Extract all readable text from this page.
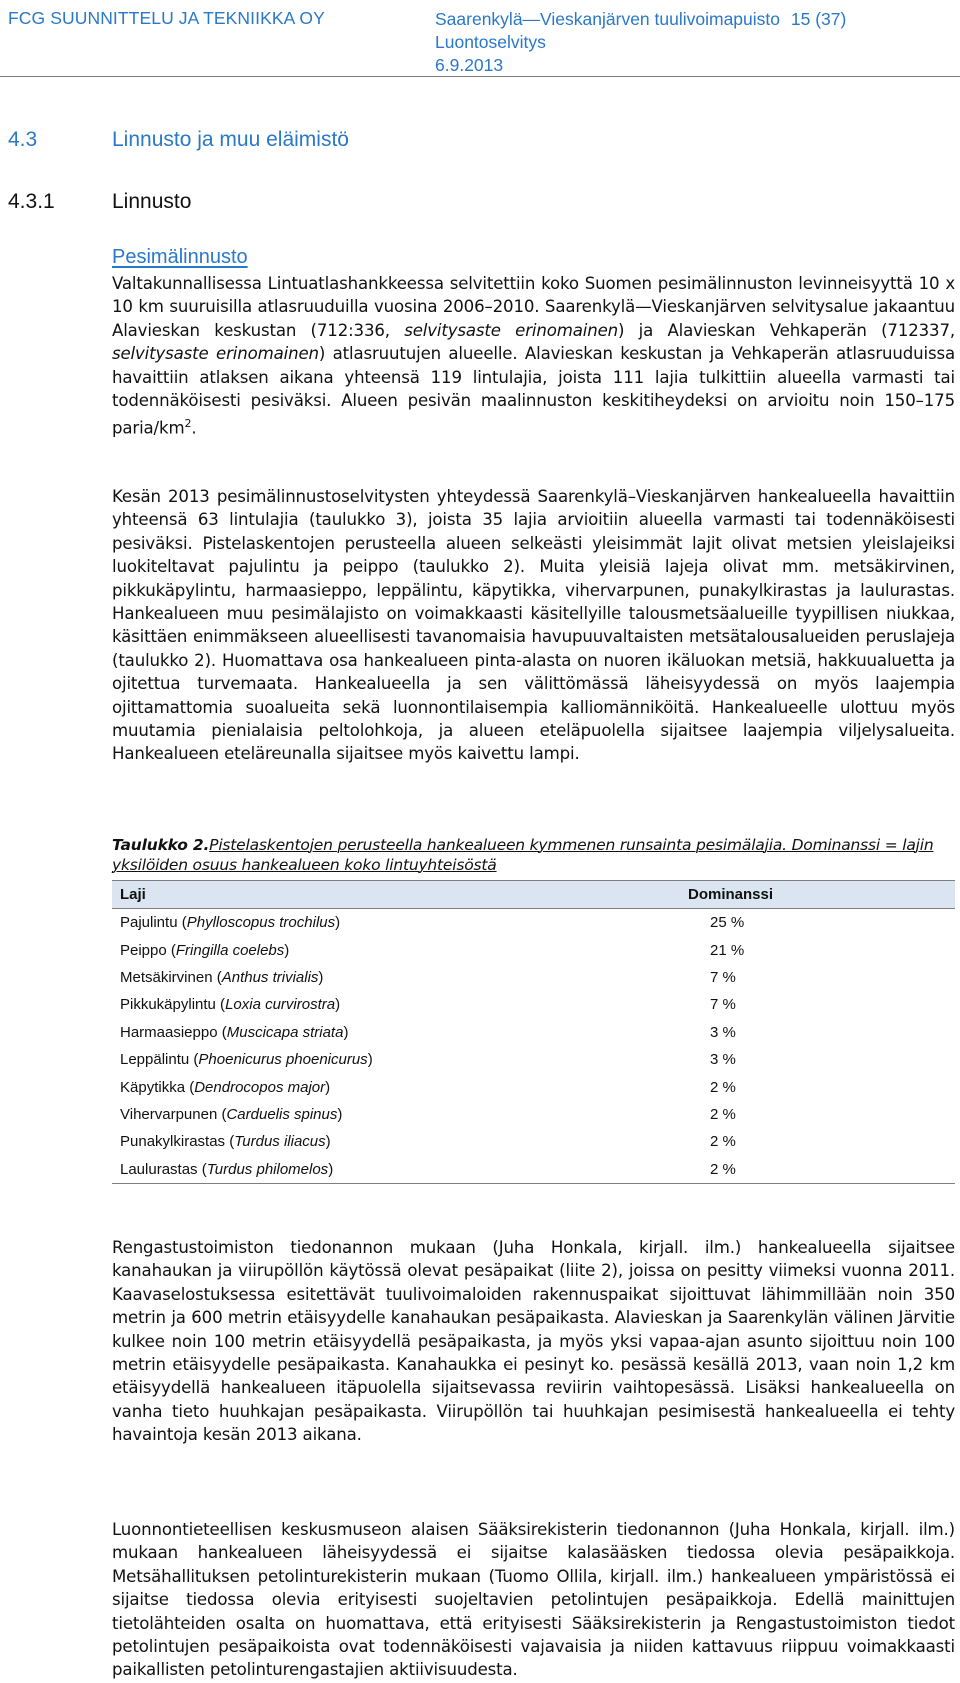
FCG SUUNNITTELU JA TEKNIIKKA OY	Saarenkylä—Vieskanjärven tuulivoimapuisto 15 (37)
Luontoselvitys
6.9.2013
4.3	Linnusto ja muu eläimistö
4.3.1	Linnusto
Pesimälinnusto
Valtakunnallisessa Lintuatlashankkeessa selvitettiin koko Suomen pesimälinnuston levinneisyyttä 10 x 10 km suuruisilla atlasruuduilla vuosina 2006–2010. Saarenkylä—Vieskanjärven selvitysalue jakaantuu Alavieskan keskustan (712:336, selvitysaste erinomainen) ja Alavieskan Vehkaperän (712337, selvitysaste erinomainen) atlasruutujen alueelle. Alavieskan keskustan ja Vehkaperän atlasruuduissa havaittiin atlaksen aikana yhteensä 119 lintulajia, joista 111 lajia tulkittiin alueella varmasti tai todennäköisesti pesiväksi. Alueen pesivän maalinnuston keskitiheydeksi on arvioitu noin 150–175 paria/$km^2$.
Kesän 2013 pesimälinnustoselvitysten yhteydessä Saarenkylä–Vieskanjärven hankealueella havaittiin yhteensä 63 lintulajia (taulukko 3), joista 35 lajia arvioitiin alueella varmasti tai todennäköisesti pesiväksi. Pistelaskentojen perusteella alueen selkeästi yleisimmät lajit olivat metsien yleislajeiksi luokiteltavat pajulintu ja peippo (taulukko 2). Muita yleisiä lajeja olivat mm. metsäkirvinen, pikkukäpylintu, harmaasieppo, leppälintu, käpytikka, vihervarpunen, punakylkirastas ja laulurastas. Hankealueen muu pesimälajisto on voimakkaasti käsitellyille talousmetsäalueille tyypillisen niukkaa, käsittäen enimmäkseen alueellisesti tavanomaisia havupuuvaltaisten metsätalousalueiden peruslajeja (taulukko 2). Huomattava osa hankealueen pinta-alasta on nuoren ikäluokan metsiä, hakkuualuetta ja ojitettua turvemaata. Hankealueella ja sen välittömässä läheisyydessä on myös laajempia ojittamattomia suoalueita sekä luonnontilaisempia kalliomänniköitä. Hankealueelle ulottuu myös muutamia pienialaisia peltolohkoja, ja alueen eteläpuolella sijaitsee laajempia viljelysalueita. Hankealueen eteläreunalla sijaitsee myös kaivettu lampi.
Taulukko 2.Pistelaskentojen perusteella hankealueen kymmenen runsainta pesimälajia. Dominanssi = lajin yksilöiden osuus hankealueen koko lintuyhteisöstä
Laji	Dominanssi
Pajulintu (Phylloscopus trochilus)	25 %
Peippo (Fringilla coelebs)	21 %
Metsäkirvinen (Anthus trivialis)	7 %
Pikkukäpylintu (Loxia curvirostra)	7 %
Harmaasieppo (Muscicapa striata)	3 %
Leppälintu (Phoenicurus phoenicurus)	3 %
Käpytikka (Dendrocopos major)	2 %
Vihervarpunen (Carduelis spinus)	2 %
Punakylkirastas (Turdus iliacus)	2 %
Laulurastas (Turdus philomelos)	2 %
Rengastustoimiston tiedonannon mukaan (Juha Honkala, kirjall. ilm.) hankealueella sijaitsee kanahaukan ja viirupöllön käytössä olevat pesäpaikat (liite 2), joissa on pesitty viimeksi vuonna 2011. Kaavaselostuksessa esitettävät tuulivoimaloiden rakennuspaikat sijoittuvat lähimmillään noin 350 metrin ja 600 metrin etäisyydelle kanahaukan pesäpaikasta. Alavieskan ja Saarenkylän välinen Järvitie kulkee noin 100 metrin etäisyydellä pesäpaikasta, ja myös yksi vapaa-ajan asunto sijoittuu noin 100 metrin etäisyydelle pesäpaikasta. Kanahaukka ei pesinyt ko. pesässä kesällä 2013, vaan noin 1,2 km etäisyydellä hankealueen itäpuolella sijaitsevassa reviirin vaihtopesässä. Lisäksi hankealueella on vanha tieto huuhkajan pesäpaikasta. Viirupöllön tai huuhkajan pesimisestä hankealueella ei tehty havaintoja kesän 2013 aikana.
Luonnontieteellisen keskusmuseon alaisen Sääksirekisterin tiedonannon (Juha Honkala, kirjall. ilm.) mukaan hankealueen läheisyydessä ei sijaitse kalasääsken tiedossa olevia pesäpaikkoja. Metsähallituksen petolinturekisterin mukaan (Tuomo Ollila, kirjall. ilm.) hankealueen ympäristössä ei sijaitse tiedossa olevia erityisesti suojeltavien petolintujen pesäpaikkoja. Edellä mainittujen tietolähteiden osalta on huomattava, että erityisesti Sääksirekisterin ja Rengastustoimiston tiedot petolintujen pesäpaikoista ovat todennäköisesti vajavaisia ja niiden kattavuus riippuu voimakkaasti paikallisten petolinturengastajien aktiivisuudesta.
